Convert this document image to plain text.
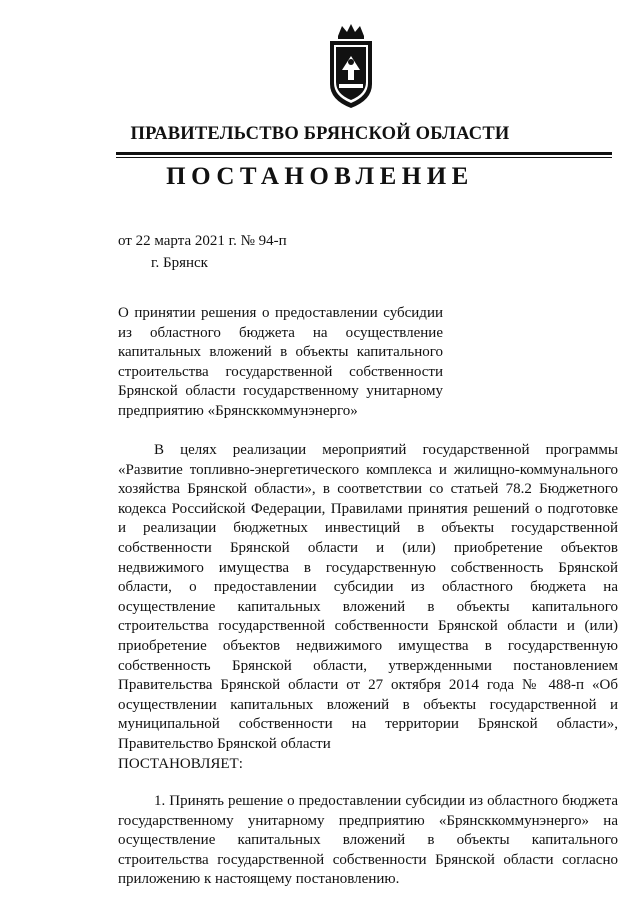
ПРАВИТЕЛЬСТВО БРЯНСКОЙ ОБЛАСТИ
ПОСТАНОВЛЕНИЕ
от 22 марта 2021 г. № 94-п
г. Брянск
О принятии решения о предоставлении субсидии из областного бюджета на осуществление капитальных вложений в объекты капитального строительства государственной собственности Брянской области государственному унитарному предприятию «Брянсккоммунэнерго»

В целях реализации мероприятий государственной программы «Развитие топливно-энергетического комплекса и жилищно-коммунального хозяйства Брянской области», в соответствии со статьей 78.2 Бюджетного кодекса Российской Федерации, Правилами принятия решений о подготовке и реализации бюджетных инвестиций в объекты государственной собственности Брянской области и (или) приобретение объектов недвижимого имущества в государственную собственность Брянской области, о предоставлении субсидии из областного бюджета на осуществление капитальных вложений в объекты капитального строительства государственной собственности Брянской области и (или) приобретение объектов недвижимого имущества в государственную собственность Брянской области, утвержденными постановлением Правительства Брянской области от 27 октября 2014 года № 488-п «Об осуществлении капитальных вложений в объекты государственной и муниципальной собственности на территории Брянской области», Правительство Брянской области

ПОСТАНОВЛЯЕТ:

1. Принять решение о предоставлении субсидии из областного бюджета государственному унитарному предприятию «Брянсккоммунэнерго» на осуществление капитальных вложений в объекты капитального строительства государственной собственности Брянской области согласно приложению к настоящему постановлению.
